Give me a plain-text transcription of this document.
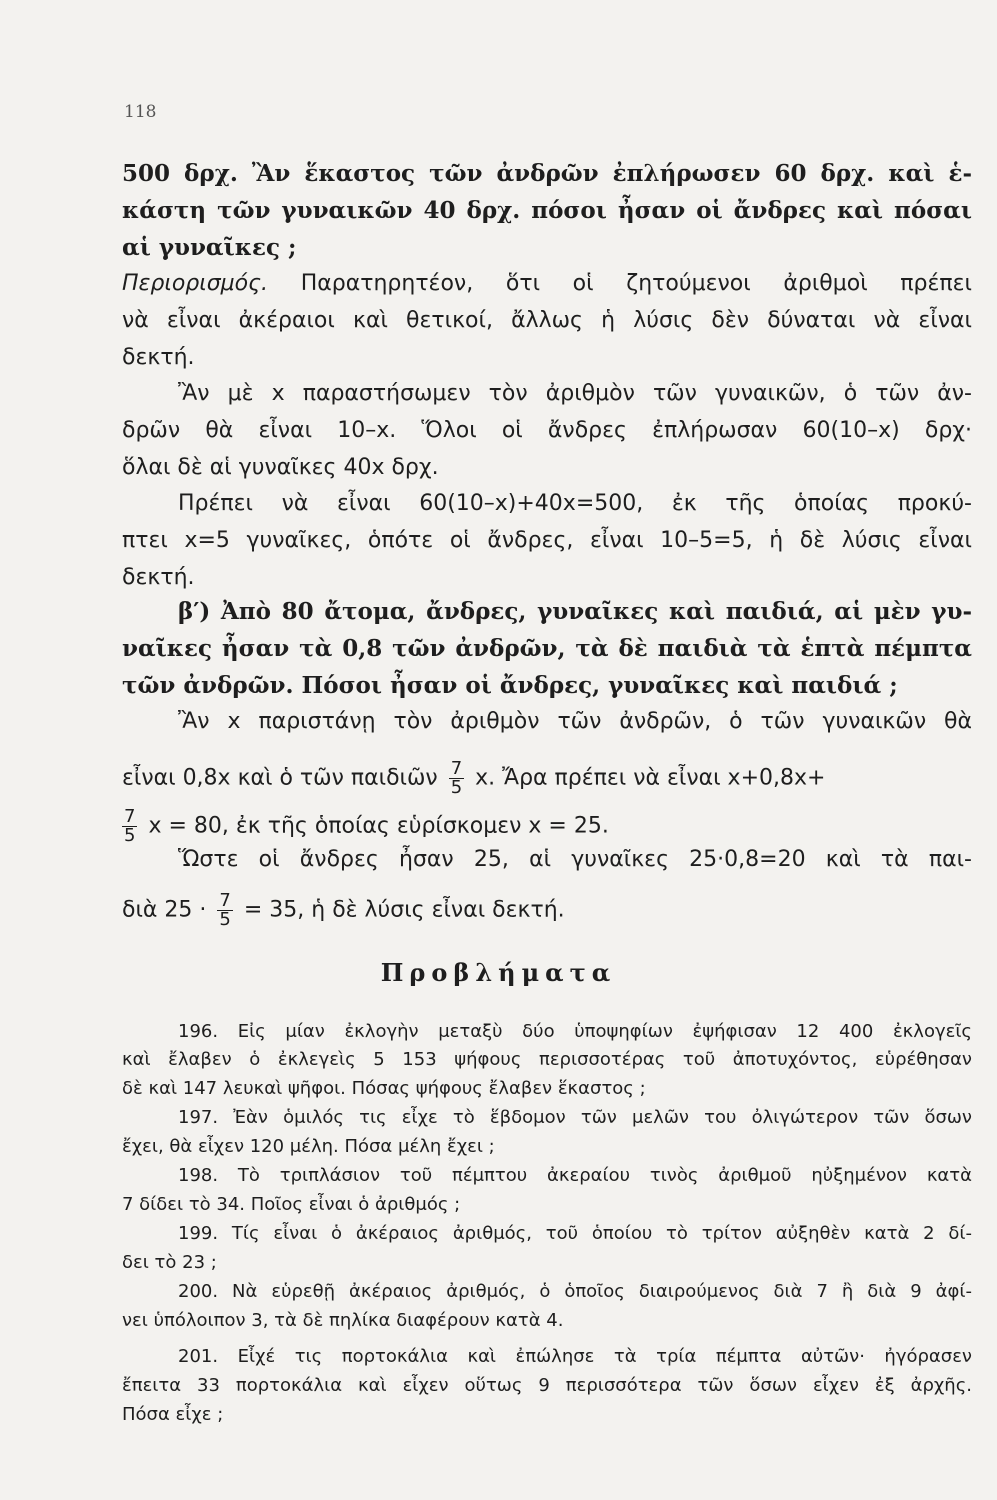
118
500 δρχ. Ἂν ἕκαστος τῶν ἀνδρῶν ἐπλήρωσεν 60 δρχ. καὶ ἑ-
κάστη τῶν γυναικῶν 40 δρχ. πόσοι ἦσαν οἱ ἄνδρες καὶ πόσαι
αἱ γυναῖκες ;
Περιορισμός. Παρατηρητέον, ὅτι οἱ ζητούμενοι ἀριθμοὶ πρέπει
νὰ εἶναι ἀκέραιοι καὶ θετικοί, ἄλλως ἡ λύσις δὲν δύναται νὰ εἶναι
δεκτή.
Ἂν μὲ x παραστήσωμεν τὸν ἀριθμὸν τῶν γυναικῶν, ὁ τῶν ἀν-
δρῶν θὰ εἶναι 10–x. Ὅλοι οἱ ἄνδρες ἐπλήρωσαν 60(10–x) δρχ·
ὅλαι δὲ αἱ γυναῖκες 40x δρχ.
Πρέπει νὰ εἶναι 60(10–x)+40x=500, ἐκ τῆς ὁποίας προκύ-
πτει x=5 γυναῖκες, ὁπότε οἱ ἄνδρες, εἶναι 10–5=5, ἡ δὲ λύσις εἶναι
δεκτή.
β′) Ἀπὸ 80 ἄτομα, ἄνδρες, γυναῖκες καὶ παιδιά, αἱ μὲν γυ-
ναῖκες ἦσαν τὰ 0,8 τῶν ἀνδρῶν, τὰ δὲ παιδιὰ τὰ ἑπτὰ πέμπτα
τῶν ἀνδρῶν. Πόσοι ἦσαν οἱ ἄνδρες, γυναῖκες καὶ παιδιά ;
Ἂν x παριστάνῃ τὸν ἀριθμὸν τῶν ἀνδρῶν, ὁ τῶν γυναικῶν θὰ
εἶναι 0,8x καὶ ὁ τῶν παιδιῶν $\frac{7}{5} x$. Ἄρα πρέπει νὰ εἶναι x+0,8x+
$\frac{7}{5}$ x = 80, ἐκ τῆς ὁποίας εὑρίσκομεν x = 25.
Ὥστε οἱ ἄνδρες ἦσαν 25, αἱ γυναῖκες 25·0,8=20 καὶ τὰ παι-
διὰ $25 \cdot \frac{7}{5} = 35$, ἡ δὲ λύσις εἶναι δεκτή.
Προβλήματα
196. Εἰς μίαν ἐκλογὴν μεταξὺ δύο ὑποψηφίων ἐψήφισαν 12 400 ἐκλογεῖς
καὶ ἔλαβεν ὁ ἐκλεγεὶς 5 153 ψήφους περισσοτέρας τοῦ ἀποτυχόντος, εὑρέθησαν
δὲ καὶ 147 λευκαὶ ψῆφοι. Πόσας ψήφους ἔλαβεν ἕκαστος ;
197. Ἐὰν ὁμιλός τις εἶχε τὸ ἕβδομον τῶν μελῶν του ὀλιγώτερον τῶν ὅσων
ἔχει, θὰ εἶχεν 120 μέλη. Πόσα μέλη ἔχει ;
198. Τὸ τριπλάσιον τοῦ πέμπτου ἀκεραίου τινὸς ἀριθμοῦ ηὐξημένον κατὰ
7 δίδει τὸ 34. Ποῖος εἶναι ὁ ἀριθμός ;
199. Τίς εἶναι ὁ ἀκέραιος ἀριθμός, τοῦ ὁποίου τὸ τρίτον αὐξηθὲν κατὰ 2 δί-
δει τὸ 23 ;
200. Νὰ εὑρεθῇ ἀκέραιος ἀριθμός, ὁ ὁποῖος διαιρούμενος διὰ 7 ἢ διὰ 9 ἀφί-
νει ὑπόλοιπον 3, τὰ δὲ πηλίκα διαφέρουν κατὰ 4.
201. Εἶχέ τις πορτοκάλια καὶ ἐπώλησε τὰ τρία πέμπτα αὐτῶν· ἠγόρασεν
ἔπειτα 33 πορτοκάλια καὶ εἶχεν οὕτως 9 περισσότερα τῶν ὅσων εἶχεν ἐξ ἀρχῆς.
Πόσα εἶχε ;
